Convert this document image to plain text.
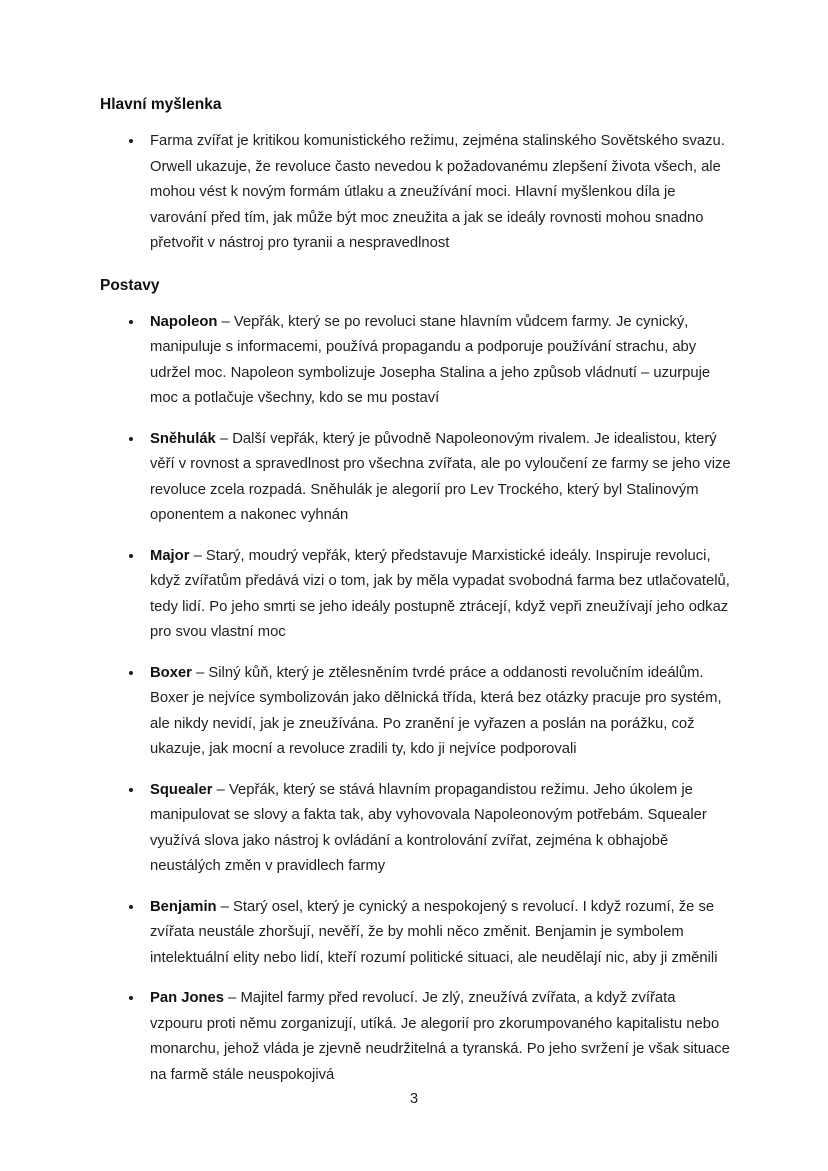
Hlavní myšlenka
• Farma zvířat je kritikou komunistického režimu, zejména stalinského Sovětského svazu. Orwell ukazuje, že revoluce často nevedou k požadovanému zlepšení života všech, ale mohou vést k novým formám útlaku a zneužívání moci. Hlavní myšlenkou díla je varování před tím, jak může být moc zneužita a jak se ideály rovnosti mohou snadno přetvořit v nástroj pro tyranii a nespravedlnost
Postavy
• Napoleon – Vepřák, který se po revoluci stane hlavním vůdcem farmy. Je cynický, manipuluje s informacemi, používá propagandu a podporuje používání strachu, aby udržel moc. Napoleon symbolizuje Josepha Stalina a jeho způsob vládnutí – uzurpuje moc a potlačuje všechny, kdo se mu postaví
• Sněhulák – Další vepřák, který je původně Napoleonovým rivalem. Je idealistou, který věří v rovnost a spravedlnost pro všechna zvířata, ale po vyloučení ze farmy se jeho vize revoluce zcela rozpadá. Sněhulák je alegorií pro Lev Trockého, který byl Stalinovým oponentem a nakonec vyhnán
• Major – Starý, moudrý vepřák, který představuje Marxistické ideály. Inspiruje revoluci, když zvířatům předává vizi o tom, jak by měla vypadat svobodná farma bez utlačovatelů, tedy lidí. Po jeho smrti se jeho ideály postupně ztrácejí, když vepři zneužívají jeho odkaz pro svou vlastní moc
• Boxer – Silný kůň, který je ztělesněním tvrdé práce a oddanosti revolučním ideálům. Boxer je nejvíce symbolizován jako dělnická třída, která bez otázky pracuje pro systém, ale nikdy nevidí, jak je zneužívána. Po zranění je vyřazen a poslán na porážku, což ukazuje, jak mocní a revoluce zradili ty, kdo ji nejvíce podporovali
• Squealer – Vepřák, který se stává hlavním propagandistou režimu. Jeho úkolem je manipulovat se slovy a fakta tak, aby vyhovovala Napoleonovým potřebám. Squealer využívá slova jako nástroj k ovládání a kontrolování zvířat, zejména k obhajobě neustálých změn v pravidlech farmy
• Benjamin – Starý osel, který je cynický a nespokojený s revolucí. I když rozumí, že se zvířata neustále zhoršují, nevěří, že by mohli něco změnit. Benjamin je symbolem intelektuální elity nebo lidí, kteří rozumí politické situaci, ale neudělají nic, aby ji změnili
• Pan Jones – Majitel farmy před revolucí. Je zlý, zneužívá zvířata, a když zvířata vzpouru proti němu zorganizují, utíká. Je alegorií pro zkorumpovaného kapitalistu nebo monarchu, jehož vláda je zjevně neudržitelná a tyranská. Po jeho svržení je však situace na farmě stále neuspokojivá
3
